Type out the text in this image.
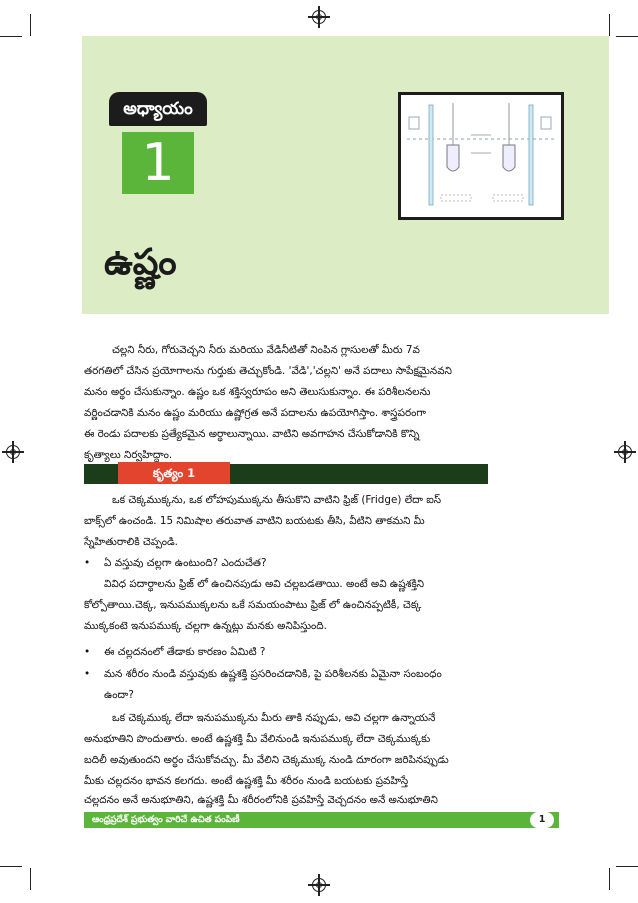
అధ్యాయం
1
ఉష్ణం
చల్లని నీరు, గోరువెచ్చని నీరు మరియు వేడినీటితో నింపిన గ్లాసులతో మీరు 7వ
తరగతిలో చేసిన ప్రయోగాలను గుర్తుకు తెచ్చుకోండి. 'వేడి','చల్లని' అనే పదాలు సాపేక్షమైనవని
మనం అర్థం చేసుకున్నాం. ఉష్ణం ఒక శక్తిస్వరూపం అని తెలుసుకున్నాం. ఈ పరిశీలనలను
వర్ణించడానికి మనం ఉష్ణం మరియు ఉష్ణోగ్రత అనే పదాలను ఉపయోగిస్తాం. శాస్త్రపరంగా
ఈ రెండు పదాలకు ప్రత్యేకమైన అర్థాలున్నాయి. వాటిని అవగాహన చేసుకోడానికి కొన్ని
కృత్యాలు నిర్వహిద్దాం.
కృత్యం 1
ఒక చెక్కముక్కను, ఒక లోహపుముక్కను తీసుకొని వాటిని ఫ్రిజ్ (Fridge) లేదా ఐస్
బాక్స్‌లో ఉంచండి. 15 నిమిషాల తరువాత వాటిని బయటకు తీసి, వీటిని తాకమని మీ
స్నేహితురాలికి చెప్పండి.
• ఏ వస్తువు చల్లగా ఉంటుంది? ఎందుచేత?
వివిధ పదార్థాలను ఫ్రిజ్ లో ఉంచినపుడు అవి చల్లబడతాయి. అంటే అవి ఉష్ణశక్తిని
కోల్పోతాయి.చెక్క, ఇనుపముక్కలను ఒకే సమయంపాటు ఫ్రిజ్ లో ఉంచినప్పటికీ, చెక్క
ముక్కకంటె ఇనుపముక్క చల్లగా ఉన్నట్లు మనకు అనిపిస్తుంది.
• ఈ చల్లదనంలో తేడాకు కారణం ఏమిటి ?
• మన శరీరం నుండి వస్తువుకు ఉష్ణశక్తి ప్రసరించడానికి, పై పరిశీలనకు ఏమైనా సంబంధం
ఉందా?
ఒక చెక్కముక్క లేదా ఇనుపముక్కను మీరు తాకి నప్పుడు, అవి చల్లగా ఉన్నాయనే
అనుభూతిని పొందుతారు. అంటే ఉష్ణశక్తి మీ వేలినుండి ఇనుపముక్క లేదా చెక్కముక్కకు
బదిలీ అవుతుందని అర్థం చేసుకోవచ్చు. మీ వేలిని చెక్కముక్క నుండి దూరంగా జరిపినప్పుడు
మీకు చల్లదనం భావన కలగదు. అంటే ఉష్ణశక్తి మీ శరీరం నుండి బయటకు ప్రవహిస్తే
చల్లదనం అనే అనుభూతిని, ఉష్ణశక్తి మీ శరీరంలోనికి ప్రవహిస్తే వెచ్చదనం అనే అనుభూతిని
ఆంధ్రప్రదేశ్ ప్రభుత్వం వారిచే ఉచిత పంపిణీ	1
